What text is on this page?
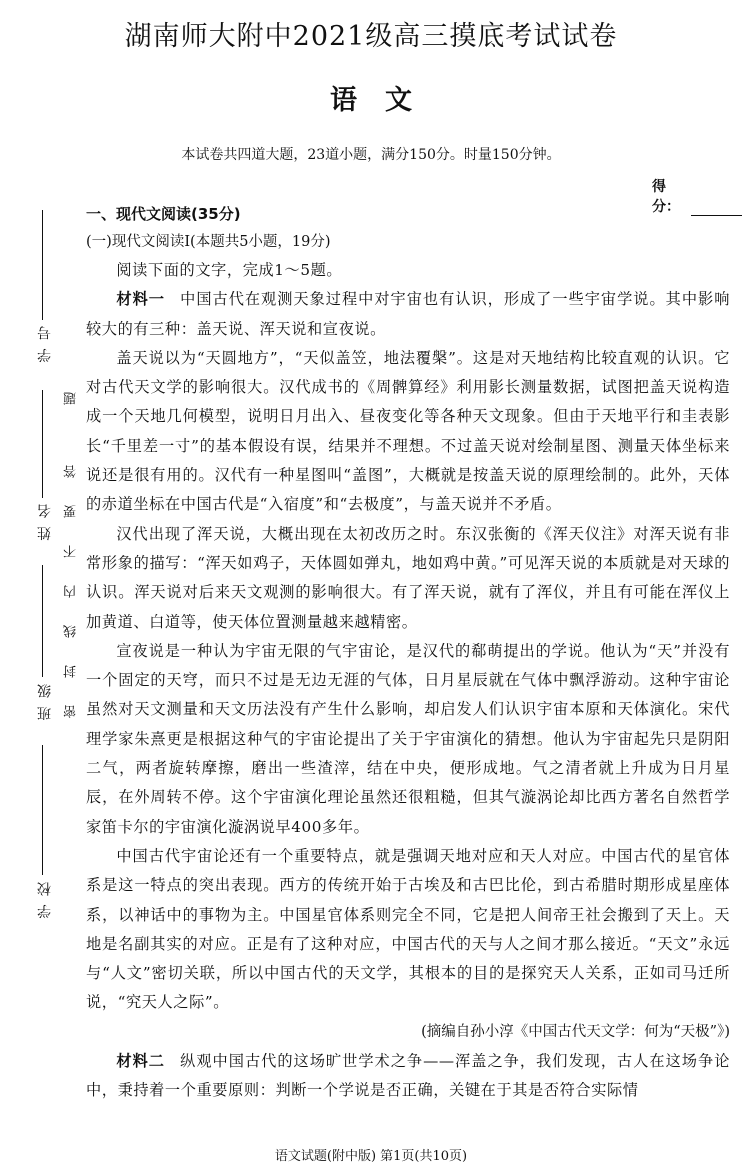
学 号
姓 名
班 级
学 校
密
封
线
内
不
要
答
题
湖南师大附中2021级高三摸底考试试卷
语文
本试卷共四道大题，23道小题，满分150分。时量150分钟。
得分：
一、现代文阅读(35分)
(一)现代文阅读Ⅰ(本题共5小题，19分)
阅读下面的文字，完成1～5题。
材料一 中国古代在观测天象过程中对宇宙也有认识，形成了一些宇宙学说。其中影响较大的有三种：盖天说、浑天说和宣夜说。
盖天说以为“天圆地方”，“天似盖笠，地法覆槃”。这是对天地结构比较直观的认识。它对古代天文学的影响很大。汉代成书的《周髀算经》利用影长测量数据，试图把盖天说构造成一个天地几何模型，说明日月出入、昼夜变化等各种天文现象。但由于天地平行和圭表影长“千里差一寸”的基本假设有误，结果并不理想。不过盖天说对绘制星图、测量天体坐标来说还是很有用的。汉代有一种星图叫“盖图”，大概就是按盖天说的原理绘制的。此外，天体的赤道坐标在中国古代是“入宿度”和“去极度”，与盖天说并不矛盾。
汉代出现了浑天说，大概出现在太初改历之时。东汉张衡的《浑天仪注》对浑天说有非常形象的描写：“浑天如鸡子，天体圆如弹丸，地如鸡中黄。”可见浑天说的本质就是对天球的认识。浑天说对后来天文观测的影响很大。有了浑天说，就有了浑仪，并且有可能在浑仪上加黄道、白道等，使天体位置测量越来越精密。
宣夜说是一种认为宇宙无限的气宇宙论，是汉代的郗萌提出的学说。他认为“天”并没有一个固定的天穹，而只不过是无边无涯的气体，日月星辰就在气体中飘浮游动。这种宇宙论虽然对天文测量和天文历法没有产生什么影响，却启发人们认识宇宙本原和天体演化。宋代理学家朱熹更是根据这种气的宇宙论提出了关于宇宙演化的猜想。他认为宇宙起先只是阴阳二气，两者旋转摩擦，磨出一些渣滓，结在中央，便形成地。气之清者就上升成为日月星辰，在外周转不停。这个宇宙演化理论虽然还很粗糙，但其气漩涡论却比西方著名自然哲学家笛卡尔的宇宙演化漩涡说早400多年。
中国古代宇宙论还有一个重要特点，就是强调天地对应和天人对应。中国古代的星官体系是这一特点的突出表现。西方的传统开始于古埃及和古巴比伦，到古希腊时期形成星座体系，以神话中的事物为主。中国星官体系则完全不同，它是把人间帝王社会搬到了天上。天地是名副其实的对应。正是有了这种对应，中国古代的天与人之间才那么接近。“天文”永远与“人文”密切关联，所以中国古代的天文学，其根本的目的是探究天人关系，正如司马迁所说，“究天人之际”。
(摘编自孙小淳《中国古代天文学：何为“天极”》)
材料二 纵观中国古代的这场旷世学术之争——浑盖之争，我们发现，古人在这场争论中，秉持着一个重要原则：判断一个学说是否正确，关键在于其是否符合实际情
语文试题(附中版) 第1页(共10页)
